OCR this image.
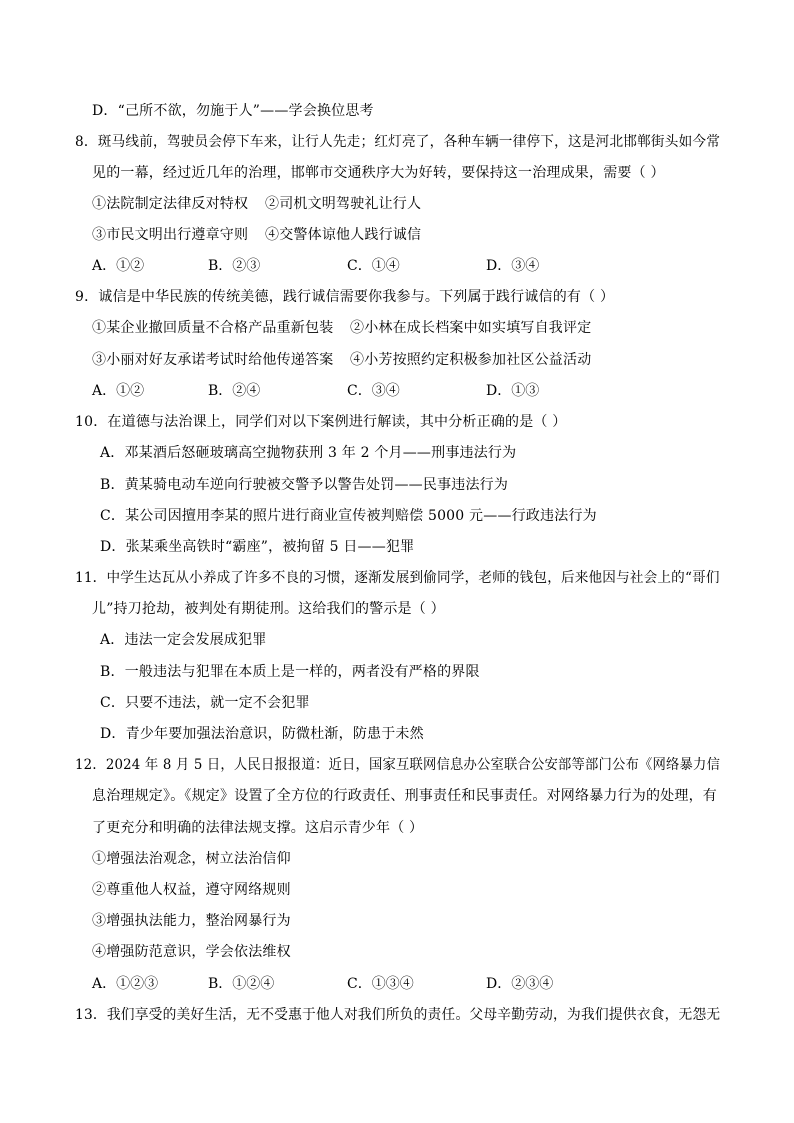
D．“己所不欲，勿施于人”——学会换位思考
8．斑马线前，驾驶员会停下车来，让行人先走；红灯亮了，各种车辆一律停下，这是河北邯郸街头如今常
见的一幕，经过近几年的治理，邯郸市交通秩序大为好转，要保持这一治理成果，需要（ ）
①法院制定法律反对特权 ②司机文明驾驶礼让行人
③市民文明出行遵章守则 ④交警体谅他人践行诚信
A．①②	B．②③	C．①④	D．③④
9．诚信是中华民族的传统美德，践行诚信需要你我参与。下列属于践行诚信的有（ ）
①某企业撤回质量不合格产品重新包装 ②小林在成长档案中如实填写自我评定
③小丽对好友承诺考试时给他传递答案 ④小芳按照约定积极参加社区公益活动
A．①②	B．②④	C．③④	D．①③
10．在道德与法治课上，同学们对以下案例进行解读，其中分析正确的是（ ）
A．邓某酒后怒砸玻璃高空抛物获刑 3 年 2 个月——刑事违法行为
B．黄某骑电动车逆向行驶被交警予以警告处罚——民事违法行为
C．某公司因擅用李某的照片进行商业宣传被判赔偿 5000 元——行政违法行为
D．张某乘坐高铁时“霸座”，被拘留 5 日——犯罪
11．中学生达瓦从小养成了许多不良的习惯，逐渐发展到偷同学，老师的钱包，后来他因与社会上的“哥们
儿”持刀抢劫，被判处有期徒刑。这给我们的警示是（ ）
A．违法一定会发展成犯罪
B．一般违法与犯罪在本质上是一样的，两者没有严格的界限
C．只要不违法，就一定不会犯罪
D．青少年要加强法治意识，防微杜渐，防患于未然
12．2024 年 8 月 5 日，人民日报报道：近日，国家互联网信息办公室联合公安部等部门公布《网络暴力信
息治理规定》。《规定》设置了全方位的行政责任、刑事责任和民事责任。对网络暴力行为的处理，有
了更充分和明确的法律法规支撑。这启示青少年（ ）
①增强法治观念，树立法治信仰
②尊重他人权益，遵守网络规则
③增强执法能力，整治网暴行为
④增强防范意识，学会依法维权
A．①②③	B．①②④	C．①③④	D．②③④
13．我们享受的美好生活，无不受惠于他人对我们所负的责任。父母辛勤劳动，为我们提供衣食，无怨无
